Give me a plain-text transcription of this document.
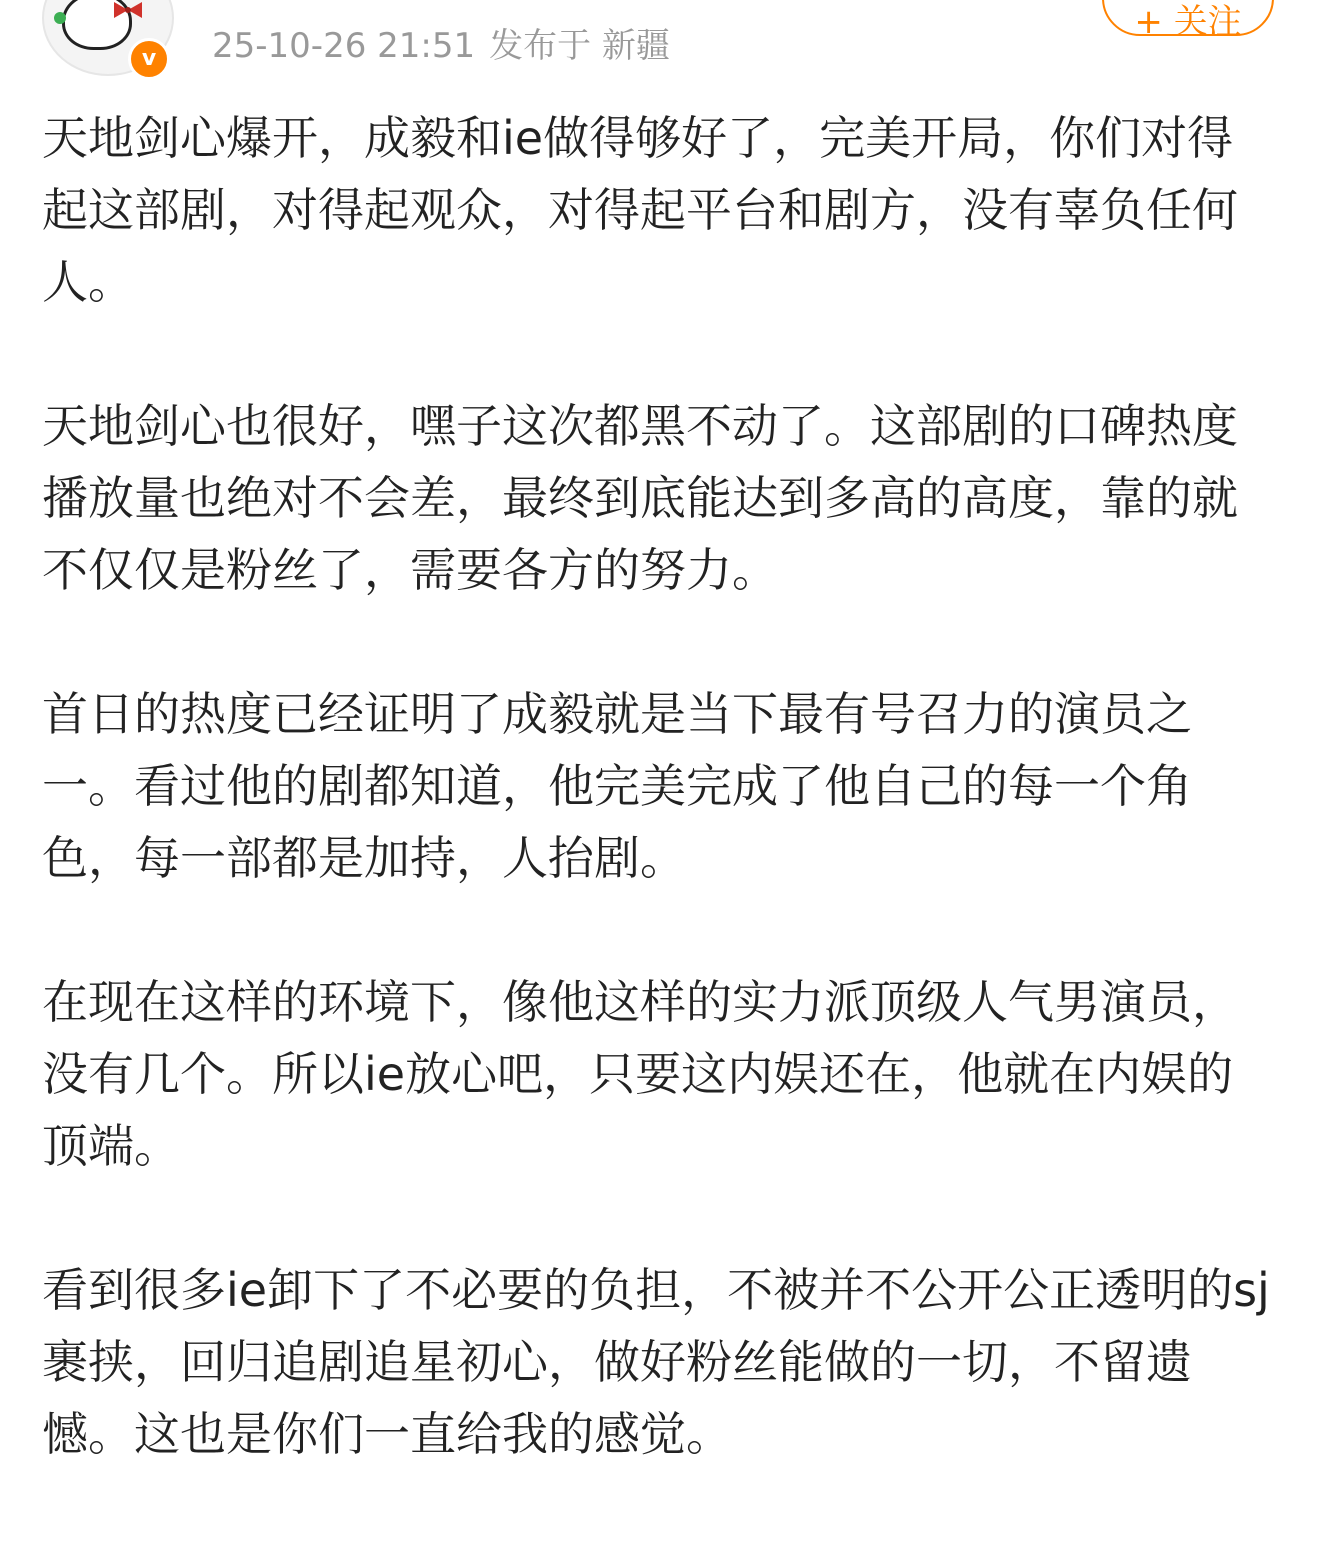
v	25-10-26 21:51 发布于 新疆
+ 关注

天地剑心爆开，成毅和ie做得够好了，完美开局，你们对得起这部剧，对得起观众，对得起平台和剧方，没有辜负任何人。

天地剑心也很好，嘿子这次都黑不动了。这部剧的口碑热度播放量也绝对不会差，最终到底能达到多高的高度，靠的就不仅仅是粉丝了，需要各方的努力。

首日的热度已经证明了成毅就是当下最有号召力的演员之一。看过他的剧都知道，他完美完成了他自己的每一个角色，每一部都是加持，人抬剧。

在现在这样的环境下，像他这样的实力派顶级人气男演员，没有几个。所以ie放心吧，只要这内娱还在，他就在内娱的顶端。

看到很多ie卸下了不必要的负担，不被并不公开公正透明的sj裹挟，回归追剧追星初心，做好粉丝能做的一切，不留遗憾。这也是你们一直给我的感觉。
